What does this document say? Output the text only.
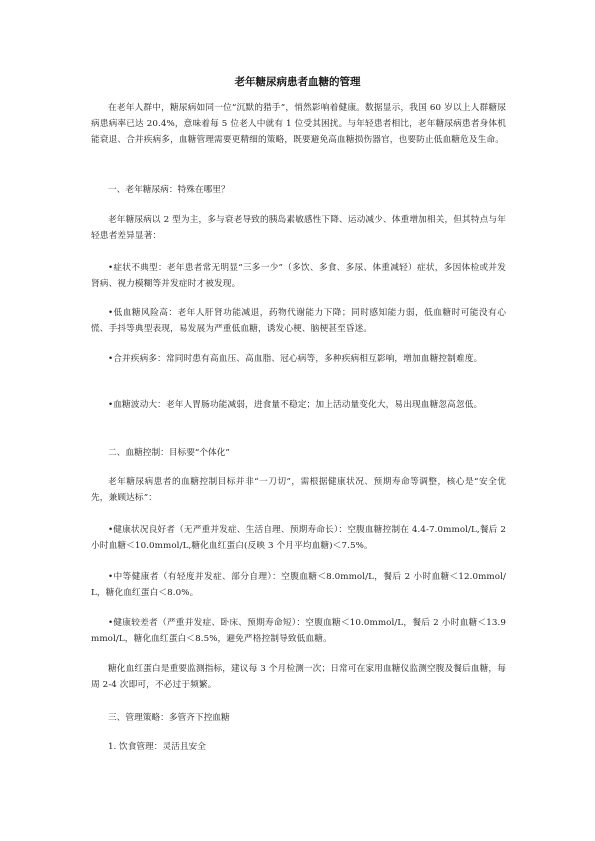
老年糖尿病患者血糖的管理
在老年人群中，糖尿病如同一位“沉默的猎手”，悄然影响着健康。数据显示，我国 60 岁以上人群糖尿病患病率已达 20.4%，意味着每 5 位老人中就有 1 位受其困扰。与年轻患者相比，老年糖尿病患者身体机能衰退、合并疾病多，血糖管理需要更精细的策略，既要避免高血糖损伤器官，也要防止低血糖危及生命。
一、老年糖尿病：特殊在哪里？
老年糖尿病以 2 型为主，多与衰老导致的胰岛素敏感性下降、运动减少、体重增加相关，但其特点与年轻患者差异显著：
•症状不典型：老年患者常无明显“三多一少”（多饮、多食、多尿、体重减轻）症状，多因体检或并发肾病、视力模糊等并发症时才被发现。
•低血糖风险高：老年人肝肾功能减退，药物代谢能力下降；同时感知能力弱，低血糖时可能没有心慌、手抖等典型表现，易发展为严重低血糖，诱发心梗、脑梗甚至昏迷。
•合并疾病多：常同时患有高血压、高血脂、冠心病等，多种疾病相互影响，增加血糖控制难度。
•血糖波动大：老年人胃肠功能减弱，进食量不稳定；加上活动量变化大，易出现血糖忽高忽低。
二、血糖控制：目标要“个体化”
老年糖尿病患者的血糖控制目标并非“一刀切”，需根据健康状况、预期寿命等调整，核心是“安全优先，兼顾达标”：
•健康状况良好者（无严重并发症、生活自理、预期寿命长）：空腹血糖控制在 4.4-7.0mmol/L,餐后 2 小时血糖＜10.0mmol/L,糖化血红蛋白(反映 3 个月平均血糖)＜7.5%。
•中等健康者（有轻度并发症、部分自理）：空腹血糖＜8.0mmol/L，餐后 2 小时血糖＜12.0mmol/L，糖化血红蛋白＜8.0%。
•健康较差者（严重并发症、卧床、预期寿命短）：空腹血糖＜10.0mmol/L，餐后 2 小时血糖＜13.9mmol/L，糖化血红蛋白＜8.5%，避免严格控制导致低血糖。
糖化血红蛋白是重要监测指标，建议每 3 个月检测一次；日常可在家用血糖仪监测空腹及餐后血糖，每周 2-4 次即可，不必过于频繁。
三、管理策略：多管齐下控血糖
1. 饮食管理：灵活且安全
